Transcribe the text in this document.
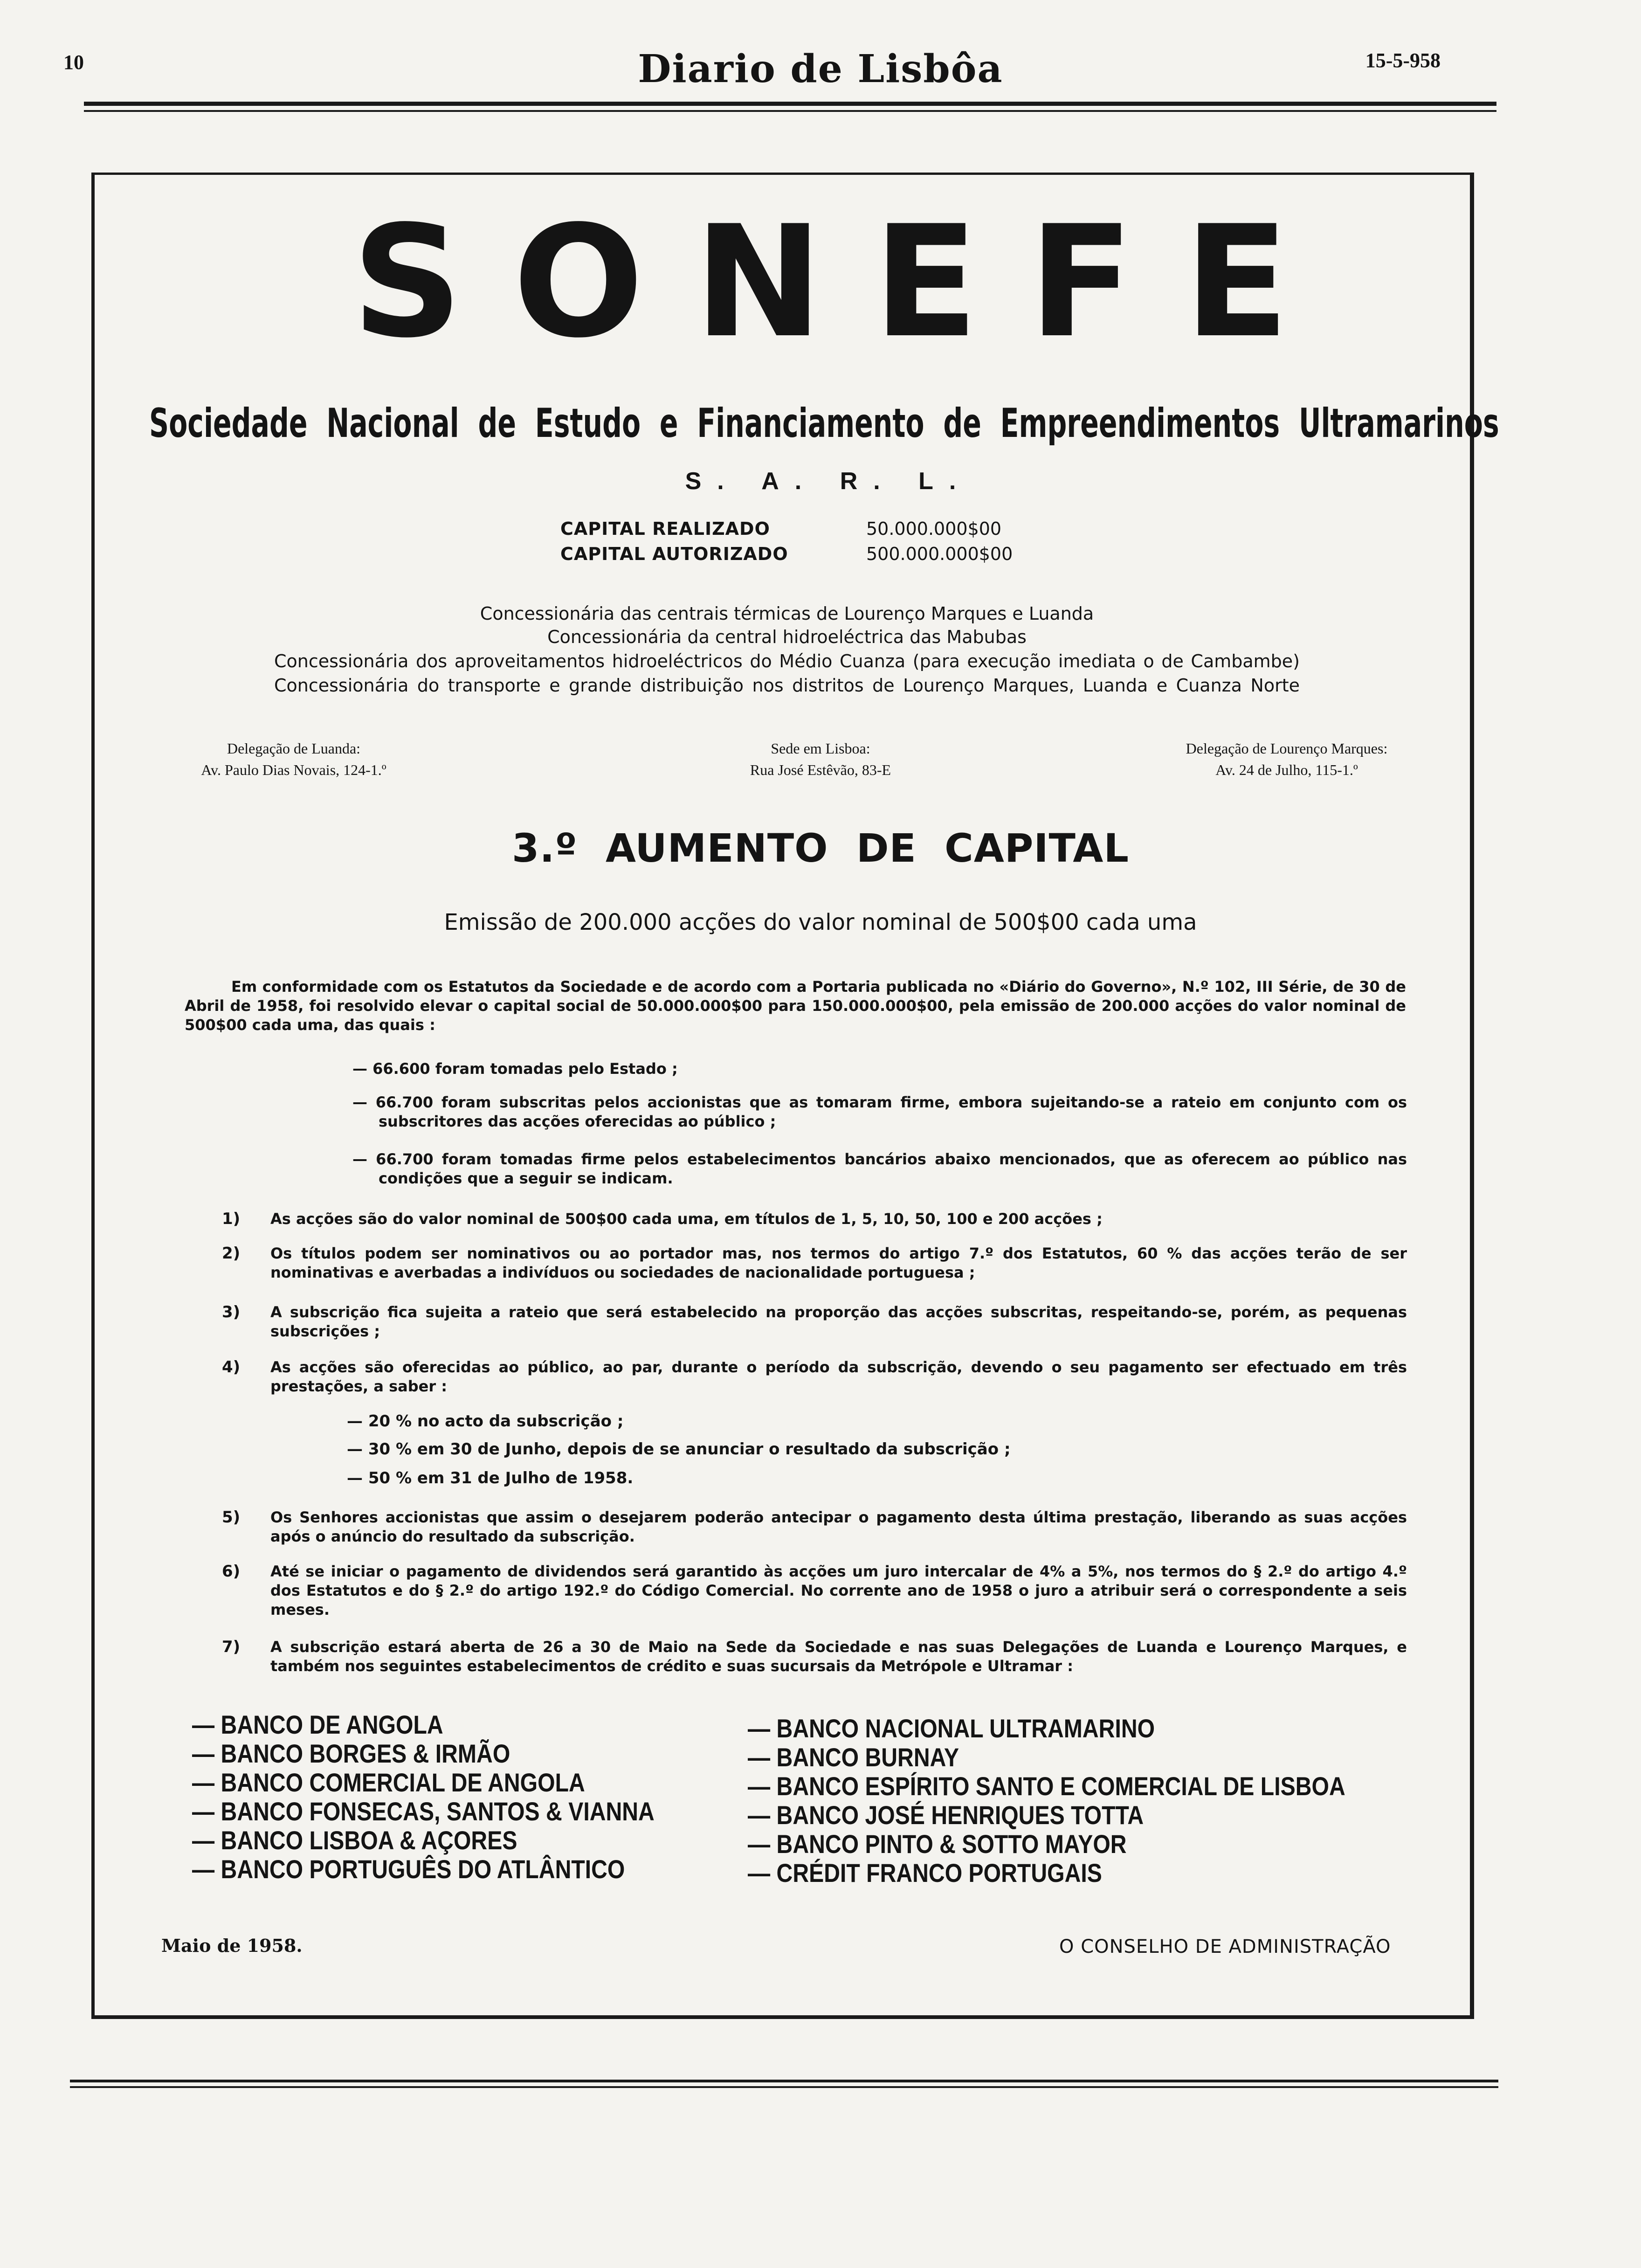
10	Diario de Lisbôa	15-5-958
SONEFE
Sociedade Nacional de Estudo e Financiamento de Empreendimentos Ultramarinos
S. A. R. L.
CAPITAL REALIZADO	50.000.000$00
CAPITAL AUTORIZADO	500.000.000$00
Concessionária das centrais térmicas de Lourenço Marques e Luanda
Concessionária da central hidroeléctrica das Mabubas
Concessionária dos aproveitamentos hidroeléctricos do Médio Cuanza (para execução imediata o de Cambambe)
Concessionária do transporte e grande distribuição nos distritos de Lourenço Marques, Luanda e Cuanza Norte
Delegação de Luanda:
Av. Paulo Dias Novais, 124-1.º
Sede em Lisboa:
Rua José Estêvão, 83-E
Delegação de Lourenço Marques:
Av. 24 de Julho, 115-1.º
3.º AUMENTO DE CAPITAL
Emissão de 200.000 acções do valor nominal de 500$00 cada uma
Em conformidade com os Estatutos da Sociedade e de acordo com a Portaria publicada no «Diário do Governo», N.º 102, III Série, de 30 de Abril de 1958, foi resolvido elevar o capital social de 50.000.000$00 para 150.000.000$00, pela emissão de 200.000 acções do valor nominal de 500$00 cada uma, das quais :
— 66.600 foram tomadas pelo Estado ;
— 66.700 foram subscritas pelos accionistas que as tomaram firme, embora sujeitando-se a rateio em conjunto com os subscritores das acções oferecidas ao público ;
— 66.700 foram tomadas firme pelos estabelecimentos bancários abaixo mencionados, que as oferecem ao público nas condições que a seguir se indicam.
1) As acções são do valor nominal de 500$00 cada uma, em títulos de 1, 5, 10, 50, 100 e 200 acções ;
2) Os títulos podem ser nominativos ou ao portador mas, nos termos do artigo 7.º dos Estatutos, 60 % das acções terão de ser nominativas e averbadas a indivíduos ou sociedades de nacionalidade portuguesa ;
3) A subscrição fica sujeita a rateio que será estabelecido na proporção das acções subscritas, respeitando-se, porém, as pequenas subscrições ;
4) As acções são oferecidas ao público, ao par, durante o período da subscrição, devendo o seu pagamento ser efectuado em três prestações, a saber :
— 20 % no acto da subscrição ;
— 30 % em 30 de Junho, depois de se anunciar o resultado da subscrição ;
— 50 % em 31 de Julho de 1958.
5) Os Senhores accionistas que assim o desejarem poderão antecipar o pagamento desta última prestação, liberando as suas acções após o anúncio do resultado da subscrição.
6) Até se iniciar o pagamento de dividendos será garantido às acções um juro intercalar de 4% a 5%, nos termos do § 2.º do artigo 4.º dos Estatutos e do § 2.º do artigo 192.º do Código Comercial. No corrente ano de 1958 o juro a atribuir será o correspondente a seis meses.
7) A subscrição estará aberta de 26 a 30 de Maio na Sede da Sociedade e nas suas Delegações de Luanda e Lourenço Marques, e também nos seguintes estabelecimentos de crédito e suas sucursais da Metrópole e Ultramar :
— BANCO DE ANGOLA
— BANCO BORGES & IRMÃO
— BANCO COMERCIAL DE ANGOLA
— BANCO FONSECAS, SANTOS & VIANNA
— BANCO LISBOA & AÇORES
— BANCO PORTUGUÊS DO ATLÂNTICO
— BANCO NACIONAL ULTRAMARINO
— BANCO BURNAY
— BANCO ESPÍRITO SANTO E COMERCIAL DE LISBOA
— BANCO JOSÉ HENRIQUES TOTTA
— BANCO PINTO & SOTTO MAYOR
— CRÉDIT FRANCO PORTUGAIS
Maio de 1958.	O CONSELHO DE ADMINISTRAÇÃO
